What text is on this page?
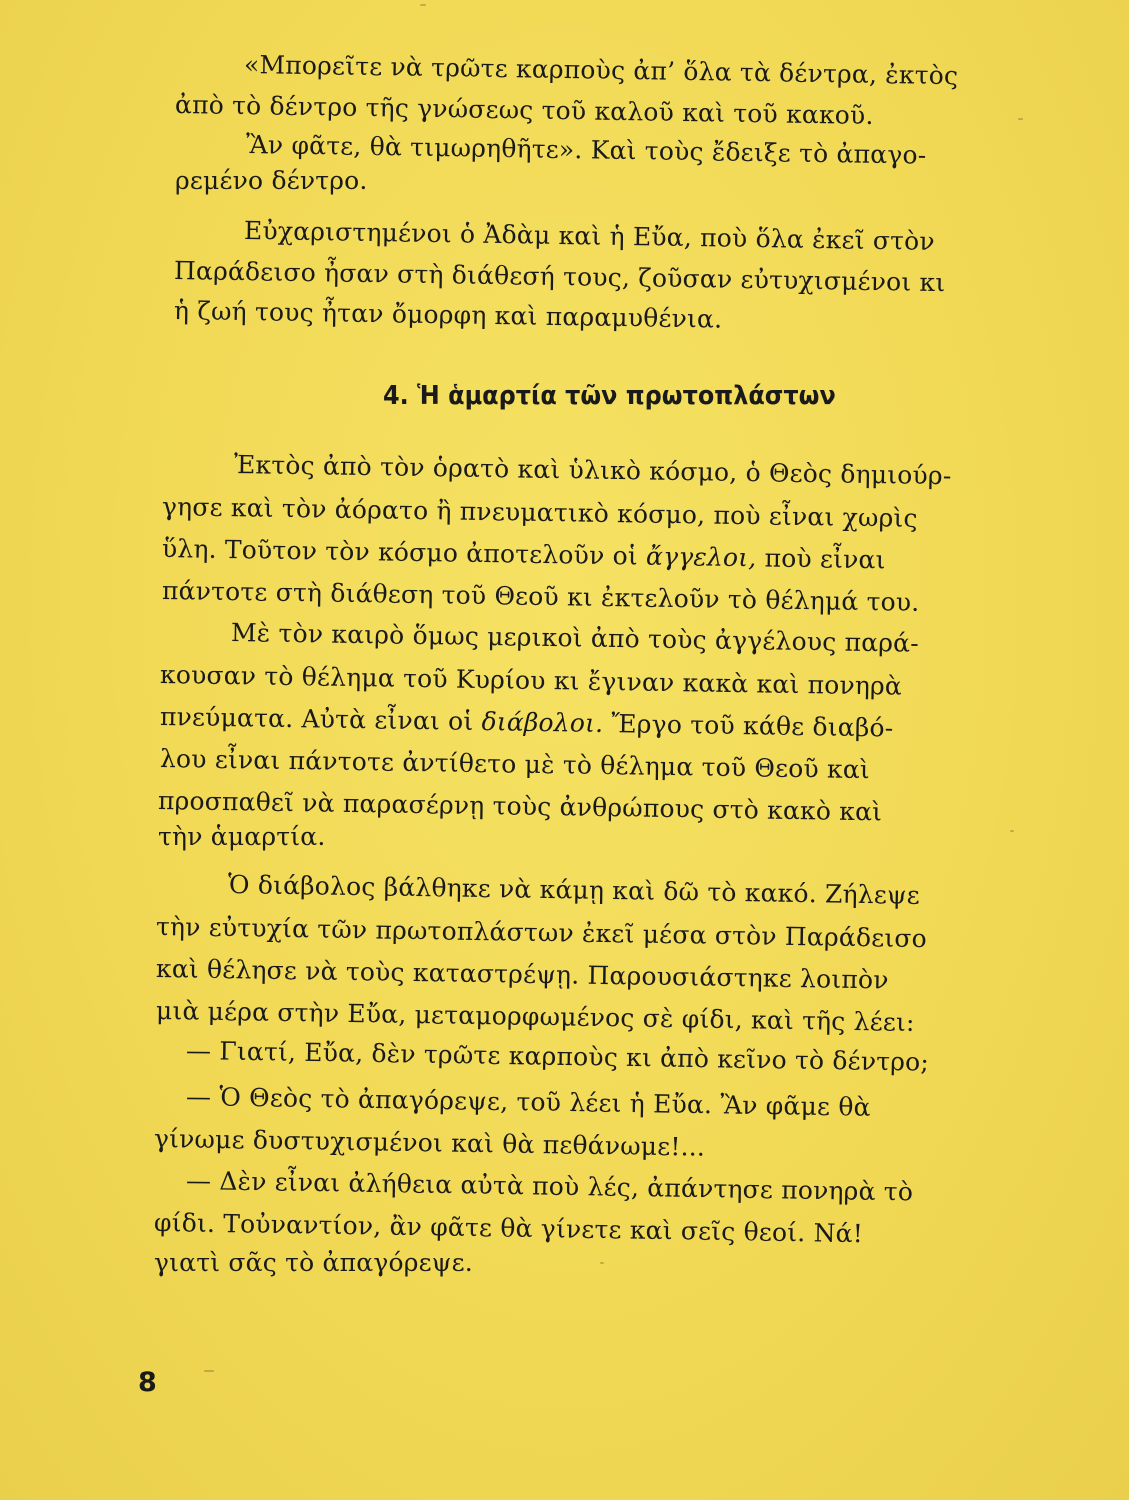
«Μπορεῖτε νὰ τρῶτε καρποὺς ἀπ’ ὅλα τὰ δέντρα, ἐκτὸς
ἀπὸ τὸ δέντρο τῆς γνώσεως τοῦ καλοῦ καὶ τοῦ κακοῦ.
Ἂν φᾶτε, θὰ τιμωρηθῆτε». Καὶ τοὺς ἔδειξε τὸ ἀπαγο-
ρεμένο δέντρο.
Εὐχαριστημένοι ὁ Ἀδὰμ καὶ ἡ Εὔα, ποὺ ὅλα ἐκεῖ στὸν
Παράδεισο ἦσαν στὴ διάθεσή τους, ζοῦσαν εὐτυχισμένοι κι
ἡ ζωή τους ἦταν ὄμορφη καὶ παραμυθένια.
4. Ἡ ἁμαρτία τῶν πρωτοπλάστων
Ἐκτὸς ἀπὸ τὸν ὁρατὸ καὶ ὑλικὸ κόσμο, ὁ Θεὸς δημιούρ-
γησε καὶ τὸν ἀόρατο ἢ πνευματικὸ κόσμο, ποὺ εἶναι χωρὶς
ὕλη. Τοῦτον τὸν κόσμο ἀποτελοῦν οἱ ἄγγελοι, ποὺ εἶναι
πάντοτε στὴ διάθεση τοῦ Θεοῦ κι ἐκτελοῦν τὸ θέλημά του.
Μὲ τὸν καιρὸ ὅμως μερικοὶ ἀπὸ τοὺς ἀγγέλους παρά-
κουσαν τὸ θέλημα τοῦ Κυρίου κι ἔγιναν κακὰ καὶ πονηρὰ
πνεύματα. Αὐτὰ εἶναι οἱ διάβολοι. Ἔργο τοῦ κάθε διαβό-
λου εἶναι πάντοτε ἀντίθετο μὲ τὸ θέλημα τοῦ Θεοῦ καὶ
προσπαθεῖ νὰ παρασέρνῃ τοὺς ἀνθρώπους στὸ κακὸ καὶ
τὴν ἁμαρτία.
Ὁ διάβολος βάλθηκε νὰ κάμῃ καὶ δῶ τὸ κακό. Ζήλεψε
τὴν εὐτυχία τῶν πρωτοπλάστων ἐκεῖ μέσα στὸν Παράδεισο
καὶ θέλησε νὰ τοὺς καταστρέψῃ. Παρουσιάστηκε λοιπὸν
μιὰ μέρα στὴν Εὔα, μεταμορφωμένος σὲ φίδι, καὶ τῆς λέει:
— Γιατί, Εὔα, δὲν τρῶτε καρποὺς κι ἀπὸ κεῖνο τὸ δέντρο;
— Ὁ Θεὸς τὸ ἀπαγόρεψε, τοῦ λέει ἡ Εὔα. Ἂν φᾶμε θὰ
γίνωμε δυστυχισμένοι καὶ θὰ πεθάνωμε!...
— Δὲν εἶναι ἀλήθεια αὐτὰ ποὺ λές, ἀπάντησε πονηρὰ τὸ
φίδι. Τοὐναντίον, ἂν φᾶτε θὰ γίνετε καὶ σεῖς θεοί. Νά!
γιατὶ σᾶς τὸ ἀπαγόρεψε.
8
